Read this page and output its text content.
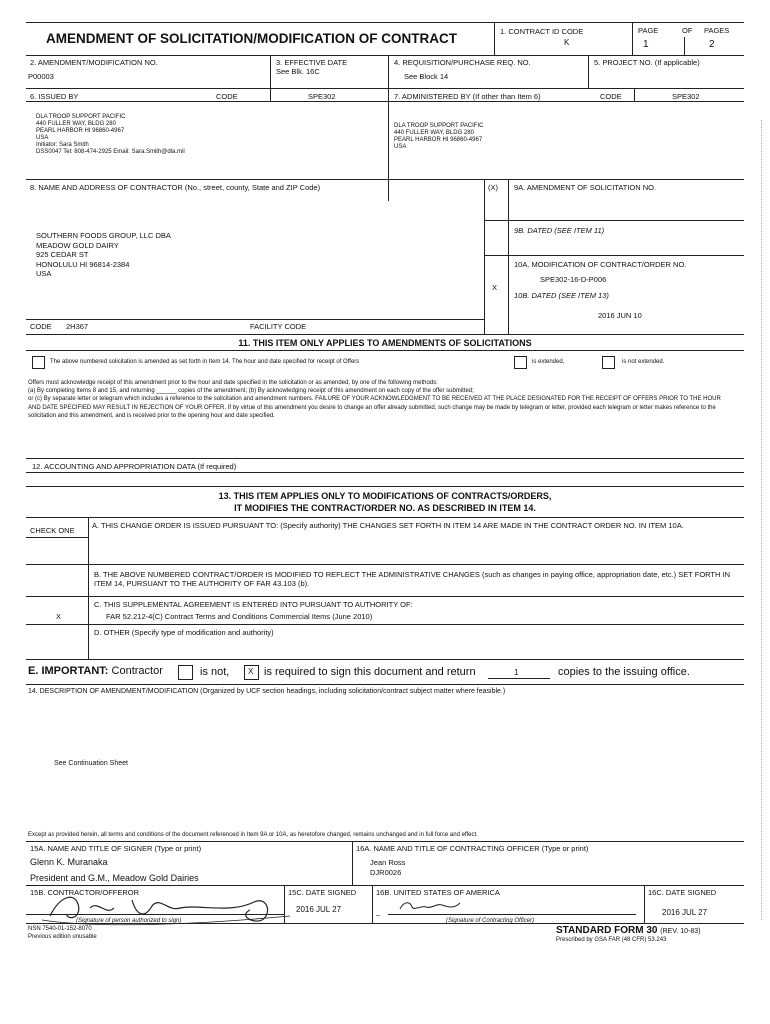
AMENDMENT OF SOLICITATION/MODIFICATION OF CONTRACT	1. CONTRACT ID CODE
K
PAGE	OF PAGES
1	2
2. AMENDMENT/MODIFICATION NO.
P00003
3. EFFECTIVE DATE
See Blk. 16C
4. REQUISITION/PURCHASE REQ. NO.
See Block 14
5. PROJECT NO. (If applicable)
6. ISSUED BY	CODE	SPE302
DLA TROOP SUPPORT PACIFIC
440 FULLER WAY, BLDG 280
PEARL HARBOR HI 96860-4967
USA
Initiator: Sara Smith
DSS0047 Tel: 808-474-2925 Email: Sara.Smith@dla.mil
7. ADMINISTERED BY (If other than Item 6)	CODE	SPE302
DLA TROOP SUPPORT PACIFIC
440 FULLER WAY, BLDG 280
PEARL HARBOR HI 96860-4967
USA
8. NAME AND ADDRESS OF CONTRACTOR (No., street, county, State and ZIP Code)
SOUTHERN FOODS GROUP, LLC DBA
MEADOW GOLD DAIRY
925 CEDAR ST
HONOLULU HI 96814-2384
USA
(X) 9A. AMENDMENT OF SOLICITATION NO.
9B. DATED (SEE ITEM 11)
10A. MODIFICATION OF CONTRACT/ORDER NO.
SPE302-16-D-P006
X
10B. DATED (SEE ITEM 13)
2016 JUN 10
CODE 2H367	FACILITY CODE
11. THIS ITEM ONLY APPLIES TO AMENDMENTS OF SOLICITATIONS
The above numbered solicitation is amended as set forth in Item 14. The hour and date specified for receipt of Offers	is extended,	is not extended.
Offers must acknowledge receipt of this amendment prior to the hour and date specified in the solicitation or as amended, by one of the following methods:
(a) By completing Items 8 and 15, and returning ______ copies of the amendment; (b) By acknowledging receipt of this amendment on each copy of the offer submitted;
or (c) By separate letter or telegram which includes a reference to the solicitation and amendment numbers. FAILURE OF YOUR ACKNOWLEDGMENT TO BE RECEIVED AT THE PLACE DESIGNATED FOR THE RECEIPT OF OFFERS PRIOR TO THE HOUR AND DATE SPECIFIED MAY RESULT IN REJECTION OF YOUR OFFER. If by virtue of this amendment you desire to change an offer already submitted, such change may be made by telegram or letter, provided each telegram or letter makes reference to the solicitation and this amendment, and is received prior to the opening hour and date specified.
12. ACCOUNTING AND APPROPRIATION DATA (If required)
13. THIS ITEM APPLIES ONLY TO MODIFICATIONS OF CONTRACTS/ORDERS,
IT MODIFIES THE CONTRACT/ORDER NO. AS DESCRIBED IN ITEM 14.
CHECK ONE
A. THIS CHANGE ORDER IS ISSUED PURSUANT TO: (Specify authority) THE CHANGES SET FORTH IN ITEM 14 ARE MADE IN THE CONTRACT ORDER NO. IN ITEM 10A.
B. THE ABOVE NUMBERED CONTRACT/ORDER IS MODIFIED TO REFLECT THE ADMINISTRATIVE CHANGES (such as changes in paying office, appropriation date, etc.) SET FORTH IN ITEM 14, PURSUANT TO THE AUTHORITY OF FAR 43.103 (b).
C. THIS SUPPLEMENTAL AGREEMENT IS ENTERED INTO PURSUANT TO AUTHORITY OF:
FAR 52.212-4(C) Contract Terms and Conditions Commercial Items (June 2010)
X
D. OTHER (Specify type of modification and authority)
E. IMPORTANT: Contractor	is not, X is required to sign this document and return	1	copies to the issuing office.
14. DESCRIPTION OF AMENDMENT/MODIFICATION (Organized by UCF section headings, including solicitation/contract subject matter where feasible.)
See Continuation Sheet
Except as provided herein, all terms and conditions of the document referenced in Item 9A or 10A, as heretofore changed, remains unchanged and in full force and effect.
15A. NAME AND TITLE OF SIGNER (Type or print)
Glenn K. Muranaka
President and G.M., Meadow Gold Dairies
16A. NAME AND TITLE OF CONTRACTING OFFICER (Type or print)
Jean Ross
DJR0026
15B. CONTRACTOR/OFFEROR
(Signature of person authorized to sign)
15C. DATE SIGNED
2016 JUL 27
16B. UNITED STATES OF AMERICA
–
(Signature of Contracting Officer)
16C. DATE SIGNED
2016 JUL 27
NSN 7540-01-152-8070
Previous edition unusable
STANDARD FORM 30 (REV. 10-83)
Prescribed by GSA FAR (48 CFR) 53.243
